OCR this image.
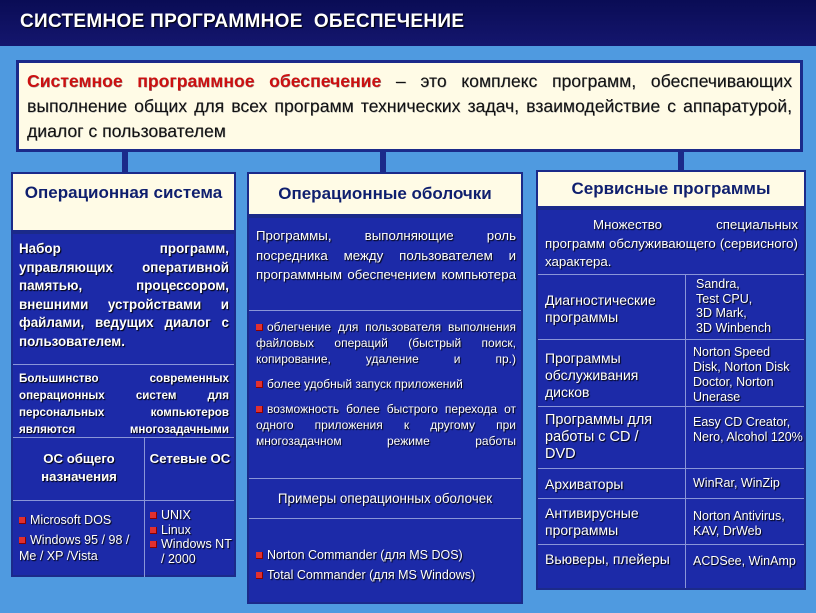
СИСТЕМНОЕ ПРОГРАММНОЕ  ОБЕСПЕЧЕНИЕ
Системное программное обеспечение – это комплекс программ, обеспечивающих выполнение общих для всех программ технических задач, взаимодействие с аппаратурой, диалог с пользователем
Операционная система
Набор программ, управляющих оперативной памятью, процессором, внешними устройствами и файлами, ведущих диалог с пользователем.
Большинство современных операционных систем для персональных компьютеров являются многозадачными
ОС общего назначения
Сетевые ОС
Microsoft DOS
Windows 95 / 98 / Me / XP /Vista
UNIX
Linux
Windows NT / 2000
Операционные оболочки
Программы, выполняющие роль посредника между пользователем и программным обеспечением компьютера
облегчение для пользователя выполнения файловых операций (быстрый поиск, копирование, удаление и пр.)
более удобный запуск приложений
возможность более быстрого перехода от одного приложения к другому при многозадачном режиме работы
Примеры операционных оболочек
Norton Commander (для MS DOS)
Total Commander (для MS Windows)
Сервисные программы
Множество специальных программ обслуживающего (сервисного) характера.
Диагностические программы
Sandra,
Test CPU,
3D Mark,
3D Winbench
Программы обслуживания дисков
Norton Speed Disk, Norton Disk Doctor, Norton Unerase
Программы для работы с CD / DVD
Easy CD Creator, Nero, Alcohol 120%
Архиваторы	WinRar, WinZip
Антивирусные программы
Norton Antivirus, KAV, DrWeb
Вьюверы, плейеры	ACDSee, WinAmp
